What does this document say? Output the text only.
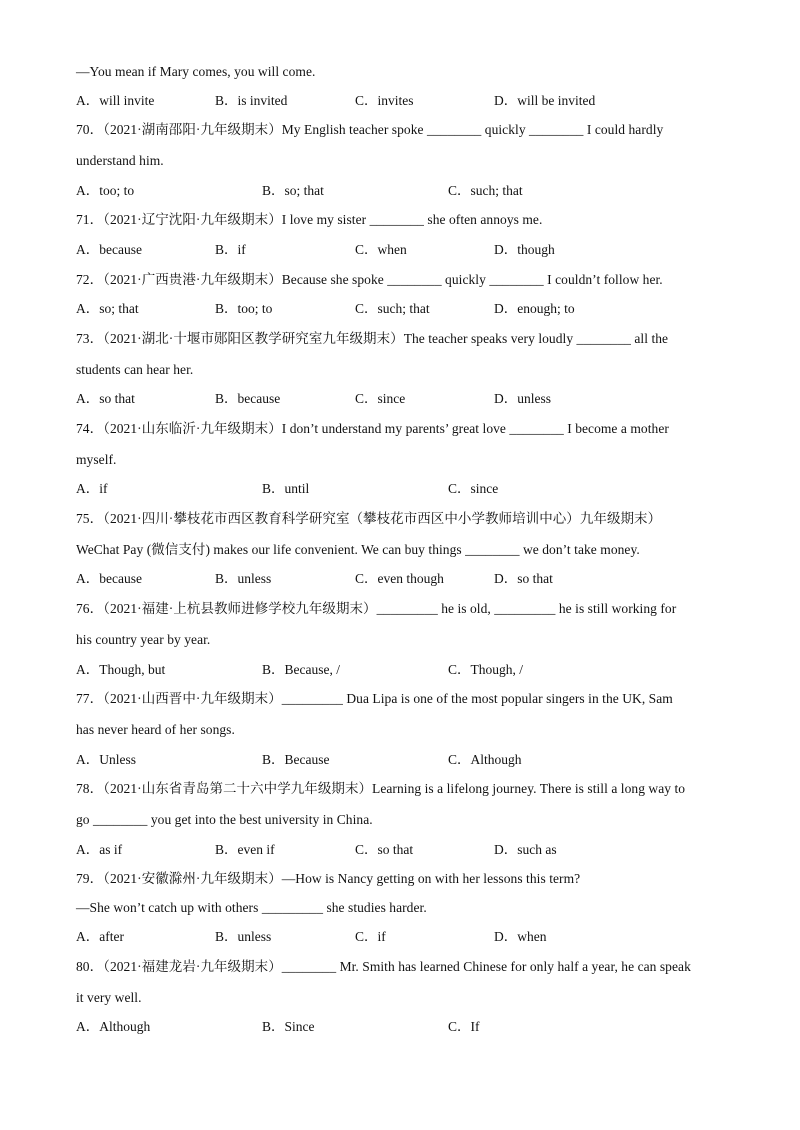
—You mean if Mary comes, you will come.
A．will invite	B．is invited	C．invites	D．will be invited
70．（2021·湖南邵阳·九年级期末）My English teacher spoke ________ quickly ________ I could hardly
understand him.
A．too; to	B．so; that	C．such; that
71．（2021·辽宁沈阳·九年级期末）I love my sister ________ she often annoys me.
A．because	B．if	C．when	D．though
72．（2021·广西贵港·九年级期末）Because she spoke ________ quickly ________ I couldn’t follow her.
A．so; that	B．too; to	C．such; that	D．enough; to
73．（2021·湖北·十堰市郧阳区教学研究室九年级期末）The teacher speaks very loudly ________ all the
students can hear her.
A．so that	B．because	C．since	D．unless
74．（2021·山东临沂·九年级期末）I don’t understand my parents’ great love ________ I become a mother
myself.
A．if	B．until	C．since
75．（2021·四川·攀枝花市西区教育科学研究室（攀枝花市西区中小学教师培训中心）九年级期末）
WeChat Pay (微信支付) makes our life convenient. We can buy things ________ we don’t take money.
A．because	B．unless	C．even though	D．so that
76．（2021·福建·上杭县教师进修学校九年级期末）_________ he is old, _________ he is still working for
his country year by year.
A．Though, but	B．Because, /	C．Though, /
77．（2021·山西晋中·九年级期末）_________ Dua Lipa is one of the most popular singers in the UK, Sam
has never heard of her songs.
A．Unless	B．Because	C．Although
78．（2021·山东省青岛第二十六中学九年级期末）Learning is a lifelong journey. There is still a long way to
go ________ you get into the best university in China.
A．as if	B．even if	C．so that	D．such as
79．（2021·安徽滁州·九年级期末）—How is Nancy getting on with her lessons this term?
—She won’t catch up with others _________ she studies harder.
A．after	B．unless	C．if	D．when
80．（2021·福建龙岩·九年级期末）________ Mr. Smith has learned Chinese for only half a year, he can speak
it very well.
A．Although	B．Since	C．If
